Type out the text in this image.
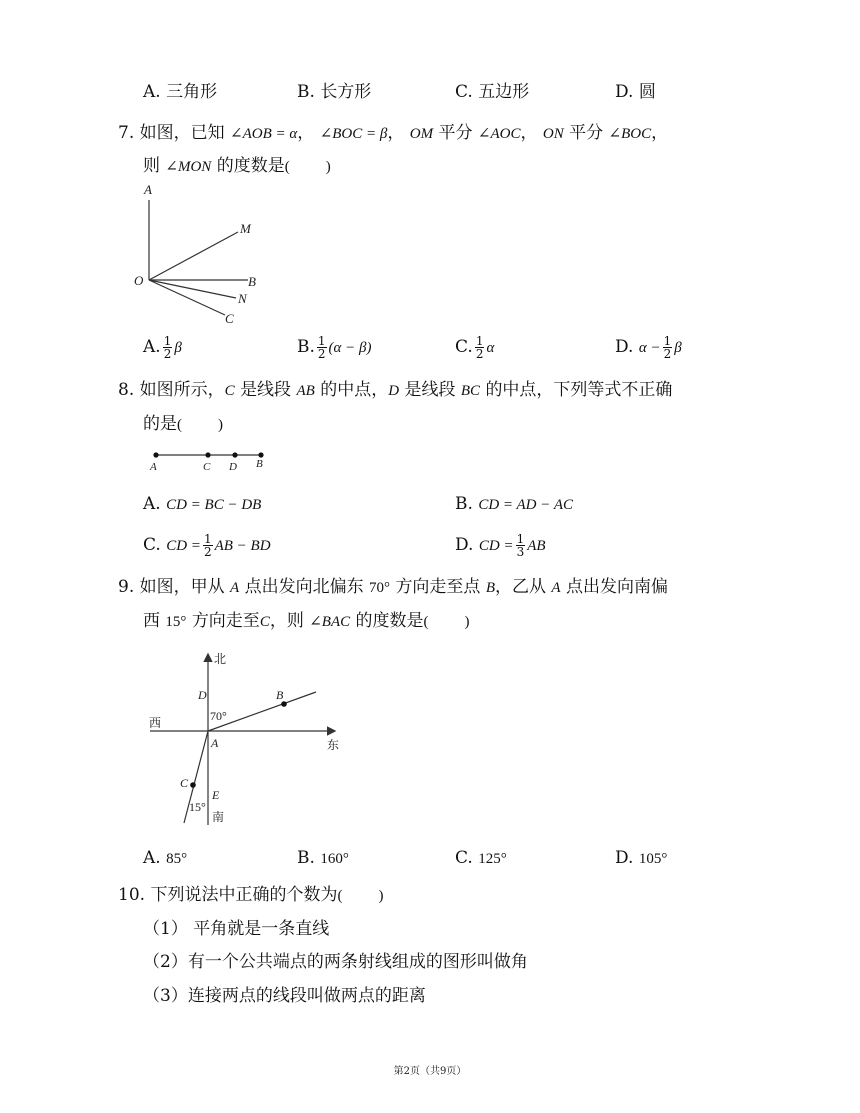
A. 三角形	B. 长方形	C. 五边形	D. 圆
7. 如图，已知 ∠AOB = α， ∠BOC = β， OM 平分 ∠AOC， ON 平分 ∠BOC，
则 ∠MON 的度数是( )
A
M
O	B
N
C
A. $\frac{1}{2}$ β	B. $\frac{1}{2} (\alpha - \beta)$	C. $\frac{1}{2}$ α	D. $\alpha - \frac{1}{2}$ β
8. 如图所示，C 是线段 AB 的中点，D 是线段 BC 的中点，下列等式不正确
的是( )
A	C D B
A. CD = BC − DB	B. CD = AD − AC
C. CD = $\frac{1}{2}$ AB − BD	D. CD = $\frac{1}{3}$ AB
9. 如图，甲从 A 点出发向北偏东 70° 方向走至点 B，乙从 A 点出发向南偏
西 15° 方向走至C，则 ∠BAC 的度数是( )
北
西
东
南
70°
15°
D	B
A
C
E
A. 85°	B. 160°	C. 125°	D. 105°
10. 下列说法中正确的个数为( )
（1） 平角就是一条直线
（2）有一个公共端点的两条射线组成的图形叫做角
（3）连接两点的线段叫做两点的距离
第2页（共9页）
